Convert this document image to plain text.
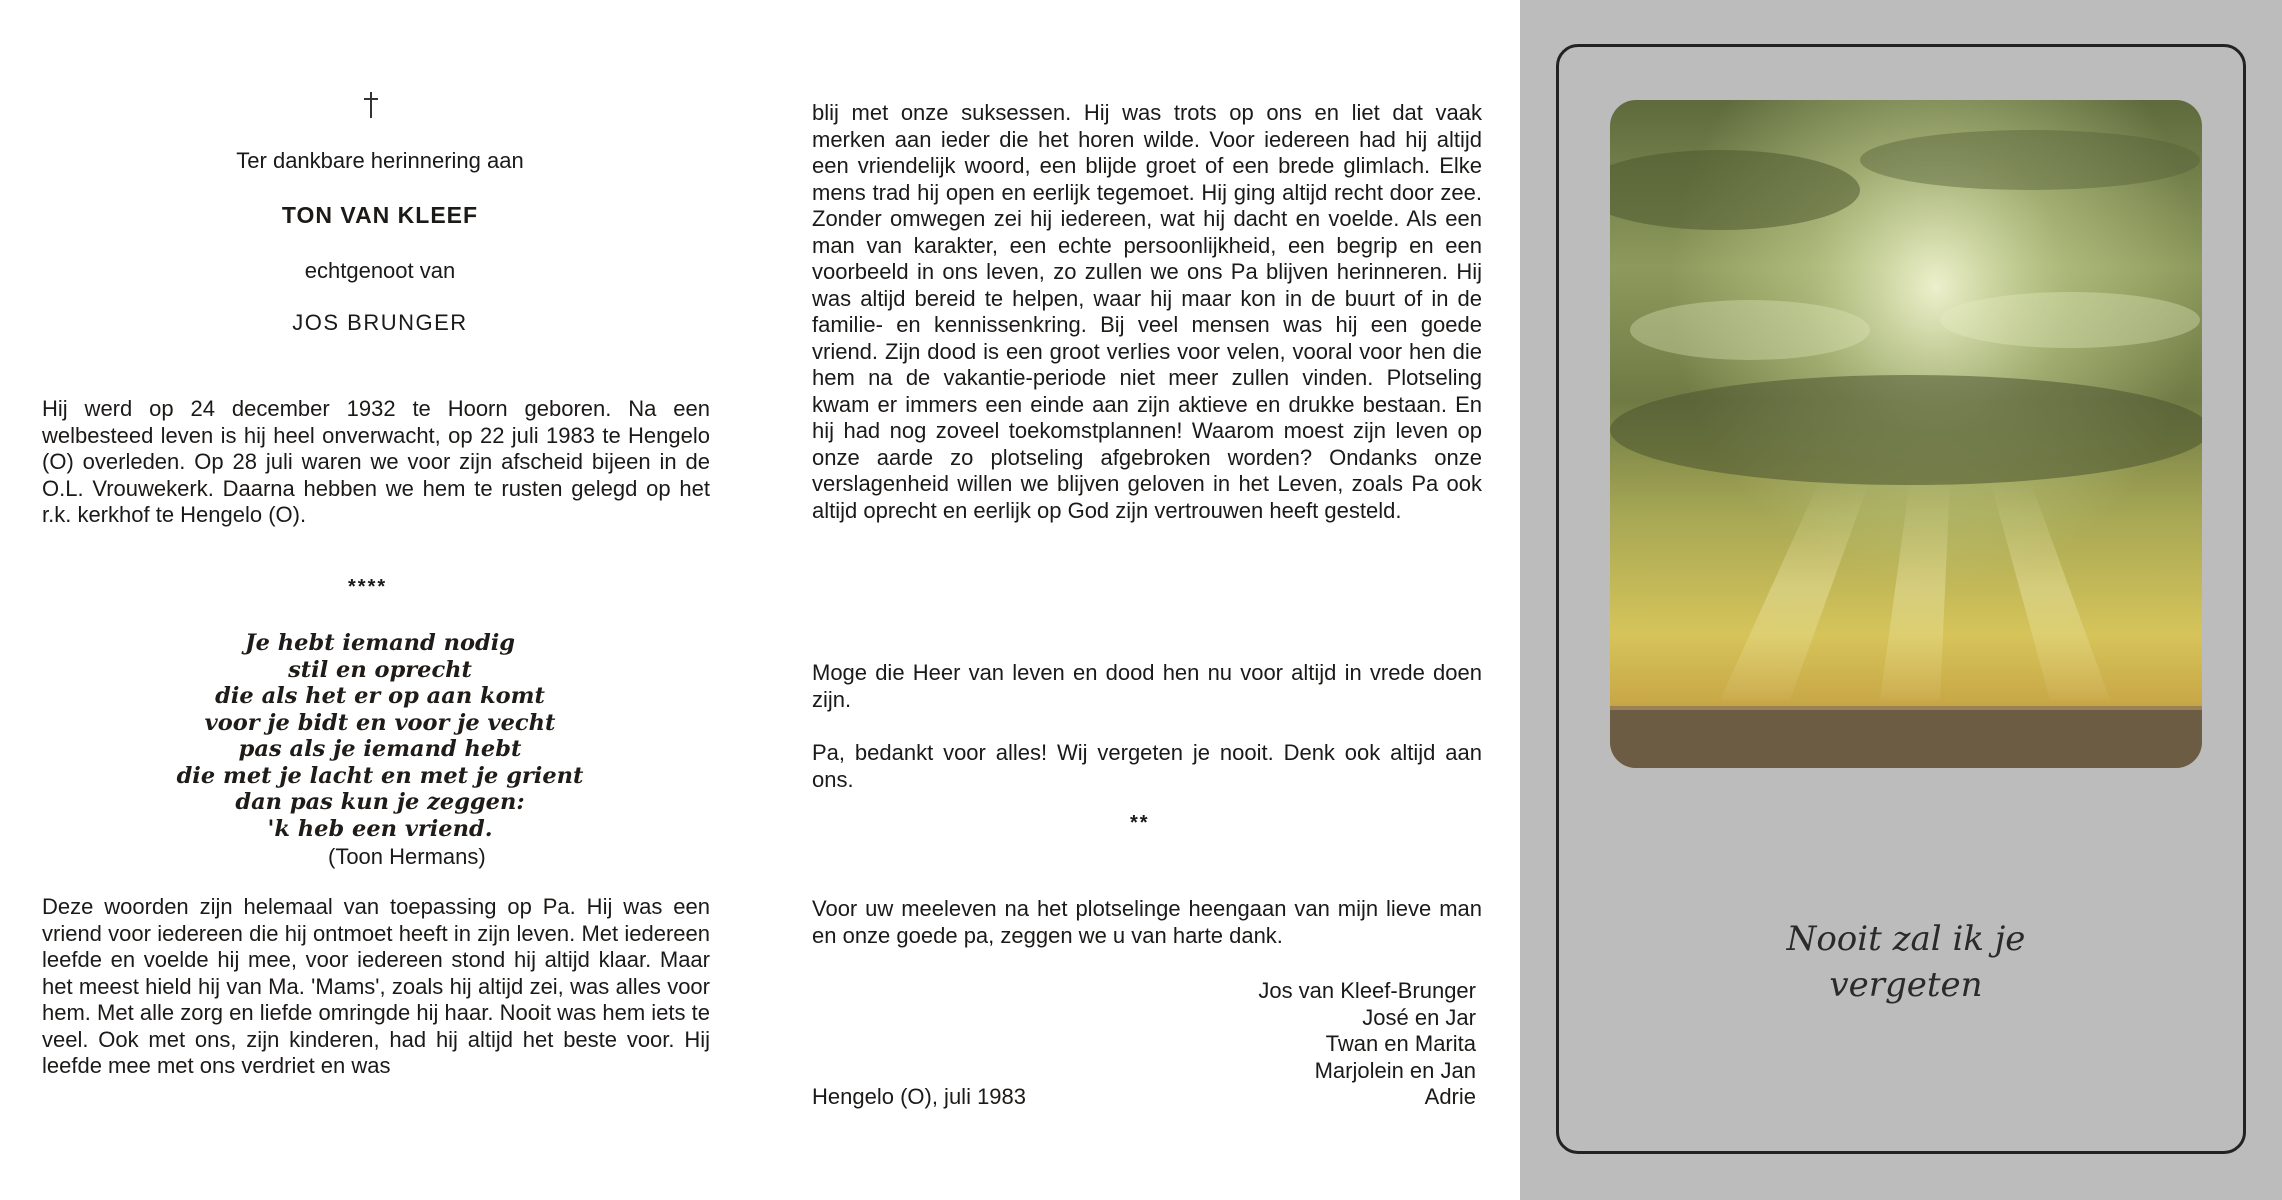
Ter dankbare herinnering aan
TON VAN KLEEF
echtgenoot van
JOS BRUNGER

Hij werd op 24 december 1932 te Hoorn geboren. Na een welbesteed leven is hij heel onverwacht, op 22 juli 1983 te Hengelo (O) overleden. Op 28 juli waren we voor zijn afscheid bijeen in de O.L. Vrouwekerk. Daarna hebben we hem te rusten gelegd op het r.k. kerkhof te Hengelo (O).

****
Je hebt iemand nodig
stil en oprecht
die als het er op aan komt
voor je bidt en voor je vecht
pas als je iemand hebt
die met je lacht en met je grient
dan pas kun je zeggen:
'k heb een vriend.
(Toon Hermans)

Deze woorden zijn helemaal van toepassing op Pa. Hij was een vriend voor iedereen die hij ontmoet heeft in zijn leven. Met iedereen leefde en voelde hij mee, voor iedereen stond hij altijd klaar. Maar het meest hield hij van Ma. 'Mams', zoals hij altijd zei, was alles voor hem. Met alle zorg en liefde omringde hij haar. Nooit was hem iets te veel. Ook met ons, zijn kinderen, had hij altijd het beste voor. Hij leefde mee met ons verdriet en was

blij met onze suksessen. Hij was trots op ons en liet dat vaak merken aan ieder die het horen wilde. Voor iedereen had hij altijd een vriendelijk woord, een blijde groet of een brede glimlach. Elke mens trad hij open en eerlijk tegemoet. Hij ging altijd recht door zee. Zonder omwegen zei hij iedereen, wat hij dacht en voelde. Als een man van karakter, een echte persoonlijkheid, een begrip en een voorbeeld in ons leven, zo zullen we ons Pa blijven herinneren. Hij was altijd bereid te helpen, waar hij maar kon in de buurt of in de familie- en kennissenkring. Bij veel mensen was hij een goede vriend. Zijn dood is een groot verlies voor velen, vooral voor hen die hem na de vakantie-periode niet meer zullen vinden. Plotseling kwam er immers een einde aan zijn aktieve en drukke bestaan. En hij had nog zoveel toekomstplannen! Waarom moest zijn leven op onze aarde zo plotseling afgebroken worden? Ondanks onze verslagenheid willen we blijven geloven in het Leven, zoals Pa ook altijd oprecht en eerlijk op God zijn vertrouwen heeft gesteld.

Moge die Heer van leven en dood hen nu voor altijd in vrede doen zijn.

Pa, bedankt voor alles! Wij vergeten je nooit. Denk ook altijd aan ons.

**

Voor uw meeleven na het plotselinge heengaan van mijn lieve man en onze goede pa, zeggen we u van harte dank.

Jos van Kleef-Brunger
José en Jar
Twan en Marita
Marjolein en Jan
Adrie
Hengelo (O), juli 1983
Nooit zal ik je
vergeten
